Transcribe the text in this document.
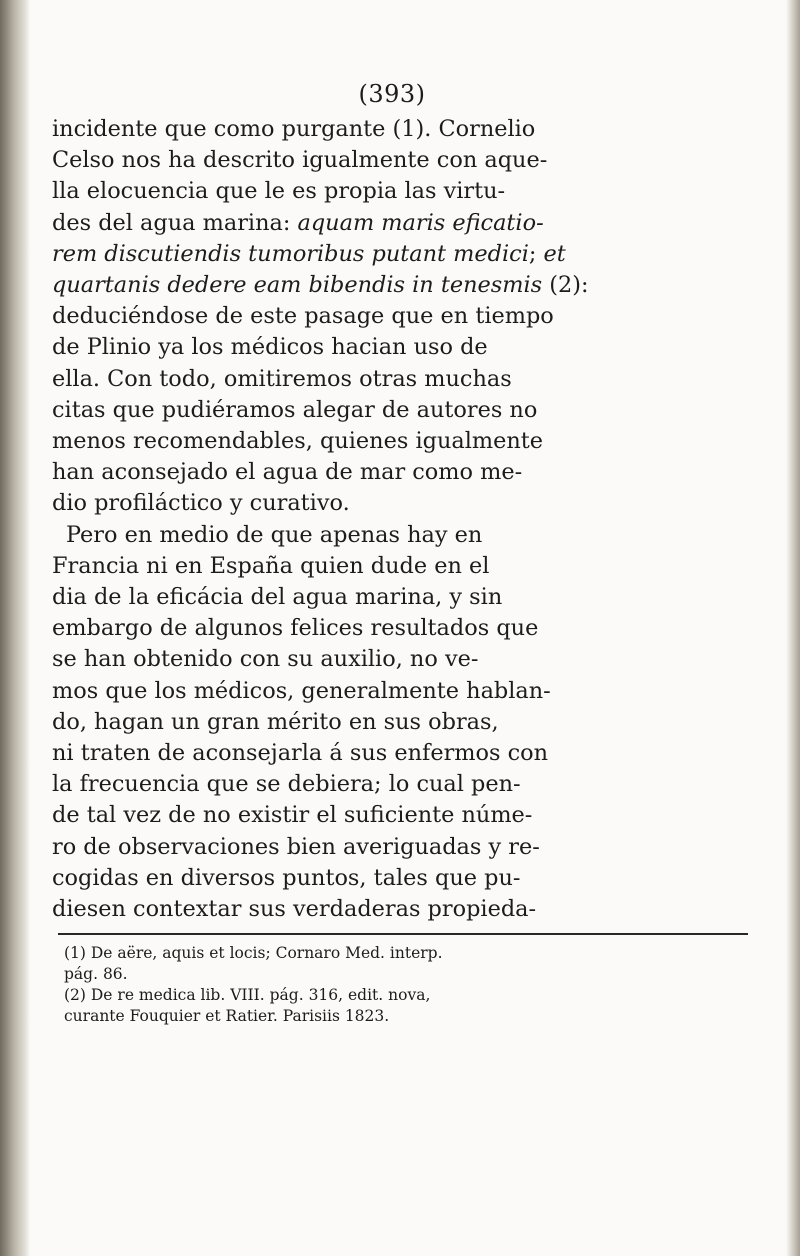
(393)
incidente que como purgante (1). Cornelio
Celso nos ha descrito igualmente con aque-
lla elocuencia que le es propia las virtu-
des del agua marina: aquam maris eficatio-
rem discutiendis tumoribus putant medici; et
quartanis dedere eam bibendis in tenesmis (2):
deduciéndose de este pasage que en tiempo
de Plinio ya los médicos hacian uso de
ella. Con todo, omitiremos otras muchas
citas que pudiéramos alegar de autores no
menos recomendables, quienes igualmente
han aconsejado el agua de mar como me-
dio profiláctico y curativo.
Pero en medio de que apenas hay en
Francia ni en España quien dude en el
dia de la eficácia del agua marina, y sin
embargo de algunos felices resultados que
se han obtenido con su auxilio, no ve-
mos que los médicos, generalmente hablan-
do, hagan un gran mérito en sus obras,
ni traten de aconsejarla á sus enfermos con
la frecuencia que se debiera; lo cual pen-
de tal vez de no existir el suficiente núme-
ro de observaciones bien averiguadas y re-
cogidas en diversos puntos, tales que pu-
diesen contextar sus verdaderas propieda-
(1) De aëre, aquis et locis; Cornaro Med. interp.
pág. 86.
(2) De re medica lib. VIII. pág. 316, edit. nova,
curante Fouquier et Ratier. Parisiis 1823.
